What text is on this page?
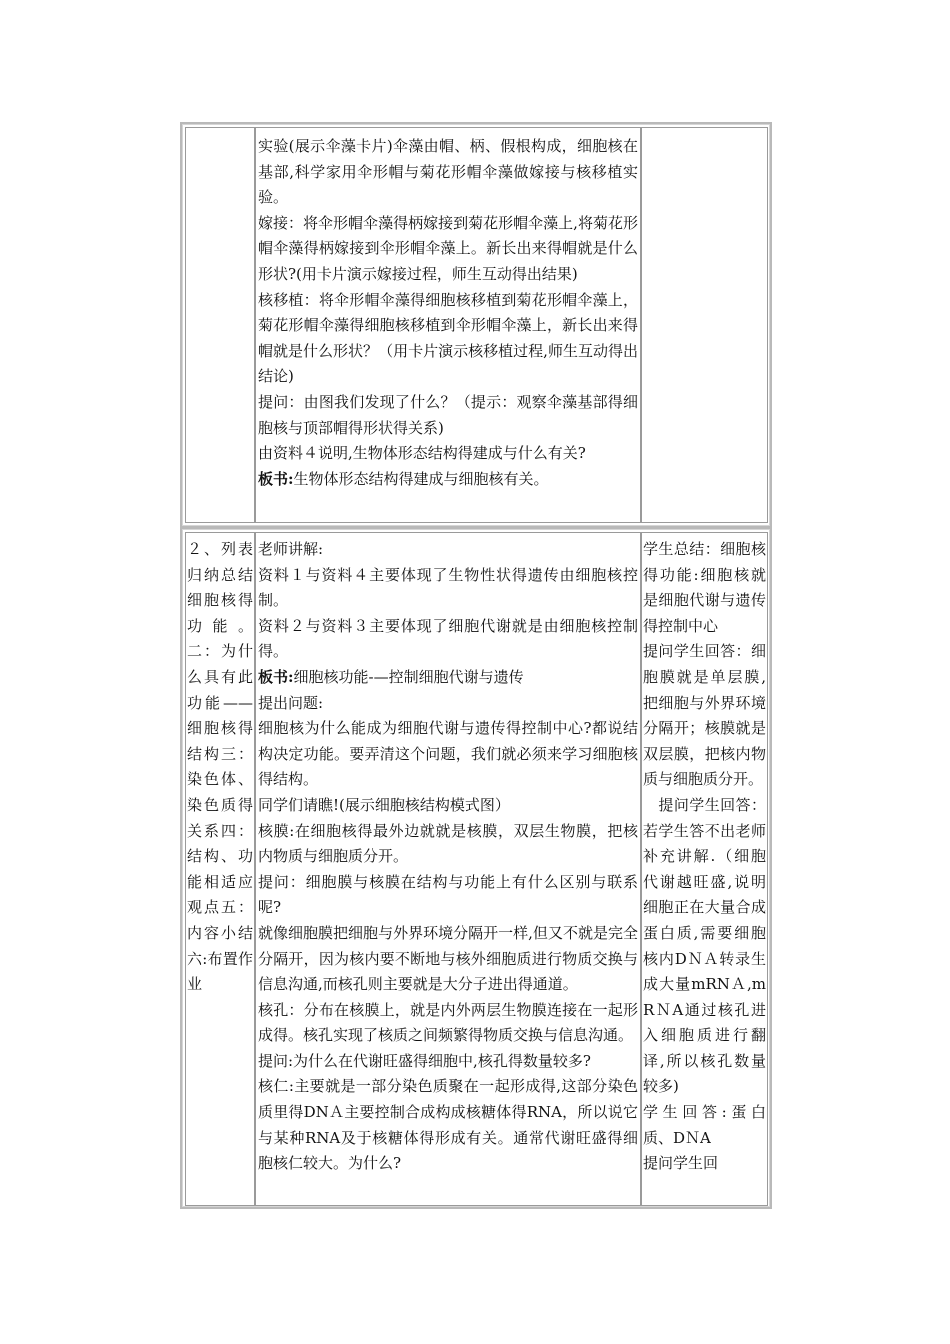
实验(展示伞藻卡片)伞藻由帽、柄、假根构成，细胞核在基部,科学家用伞形帽与菊花形帽伞藻做嫁接与核移植实验。

嫁接：将伞形帽伞藻得柄嫁接到菊花形帽伞藻上,将菊花形帽伞藻得柄嫁接到伞形帽伞藻上。新长出来得帽就是什么形状?(用卡片演示嫁接过程，师生互动得出结果)

核移植：将伞形帽伞藻得细胞核移植到菊花形帽伞藻上，菊花形帽伞藻得细胞核移植到伞形帽伞藻上，新长出来得帽就是什么形状？（用卡片演示核移植过程,师生互动得出结论)

提问：由图我们发现了什么？（提示：观察伞藻基部得细胞核与顶部帽得形状得关系)

由资料４说明,生物体形态结构得建成与什么有关?

板书:生物体形态结构得建成与细胞核有关。

２、列表归纳总结细胞核得功能。二：为什么具有此功能——细胞核得结构三：染色体、染色质得关系四：结构、功能相适应观点五：内容小结六:布置作业

老师讲解:

资料１与资料４主要体现了生物性状得遗传由细胞核控制。

资料２与资料３主要体现了细胞代谢就是由细胞核控制得。

板书:细胞核功能-—控制细胞代谢与遗传

提出问题:

细胞核为什么能成为细胞代谢与遗传得控制中心?都说结构决定功能。要弄清这个问题，我们就必须来学习细胞核得结构。

同学们请瞧!(展示细胞核结构模式图）

核膜:在细胞核得最外边就就是核膜，双层生物膜，把核内物质与细胞质分开。

提问：细胞膜与核膜在结构与功能上有什么区别与联系呢?

就像细胞膜把细胞与外界环境分隔开一样,但又不就是完全分隔开，因为核内要不断地与核外细胞质进行物质交换与信息沟通,而核孔则主要就是大分子进出得通道。

核孔：分布在核膜上，就是内外两层生物膜连接在一起形成得。核孔实现了核质之间频繁得物质交换与信息沟通。

提问:为什么在代谢旺盛得细胞中,核孔得数量较多?

核仁:主要就是一部分染色质聚在一起形成得,这部分染色质里得DNＡ主要控制合成构成核糖体得RNA，所以说它与某种RNA及于核糖体得形成有关。通常代谢旺盛得细胞核仁较大。为什么?

学生总结：细胞核得功能:细胞核就是细胞代谢与遗传得控制中心

提问学生回答：细胞膜就是单层膜,把细胞与外界环境分隔开；核膜就是双层膜，把核内物质与细胞质分开。

　提问学生回答：若学生答不出老师补充讲解.（细胞代谢越旺盛,说明细胞正在大量合成蛋白质,需要细胞核内DＮＡ转录生成大量mRNＡ,mRＮA通过核孔进入细胞质进行翻译,所以核孔数量较多)

学生回答:蛋白质、DＮA

提问学生回
